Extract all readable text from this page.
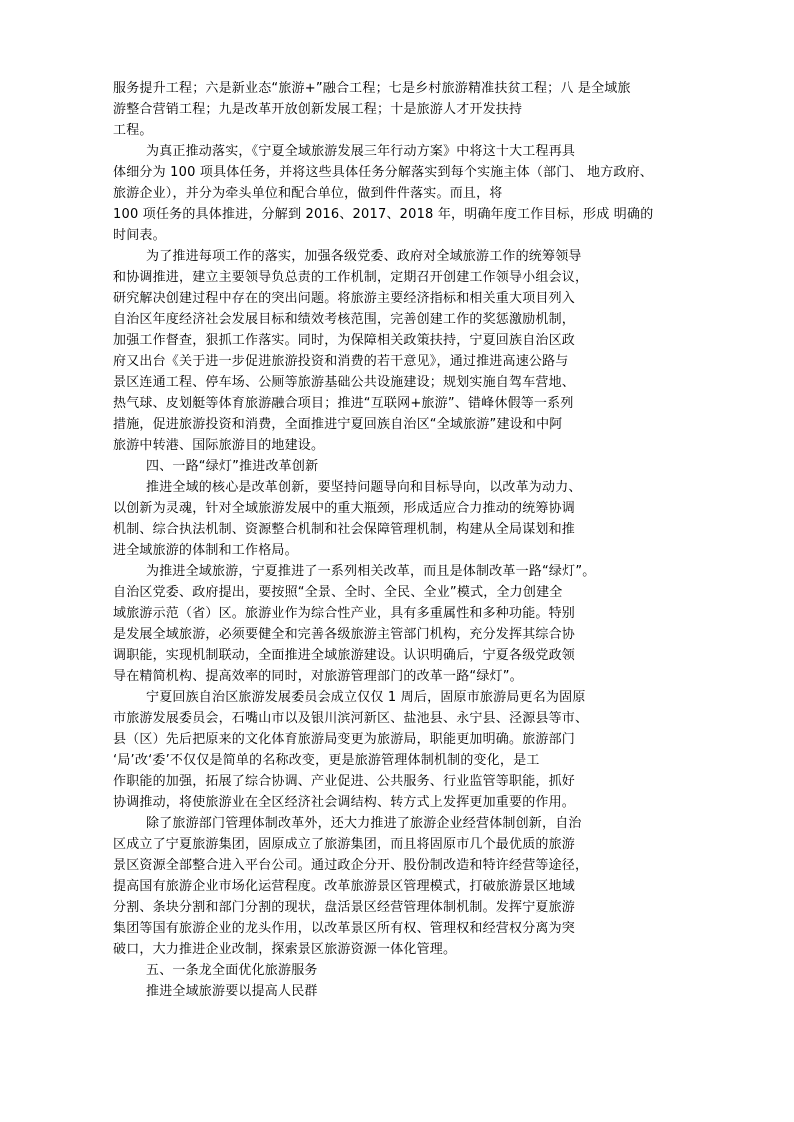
服务提升工程；六是新业态“旅游+”融合工程；七是乡村旅游精准扶贫工程；八 是全域旅
游整合营销工程；九是改革开放创新发展工程；十是旅游人才开发扶持
工程。
为真正推动落实，《宁夏全域旅游发展三年行动方案》中将这十大工程再具
体细分为 100 项具体任务，并将这些具体任务分解落实到每个实施主体（部门、 地方政府、
旅游企业），并分为牵头单位和配合单位，做到件件落实。而且，将
100 项任务的具体推进，分解到 2016、2017、2018 年，明确年度工作目标，形成 明确的
时间表。
为了推进每项工作的落实，加强各级党委、政府对全域旅游工作的统筹领导
和协调推进，建立主要领导负总责的工作机制，定期召开创建工作领导小组会议，
研究解决创建过程中存在的突出问题。将旅游主要经济指标和相关重大项目列入
自治区年度经济社会发展目标和绩效考核范围，完善创建工作的奖惩激励机制，
加强工作督查，狠抓工作落实。同时，为保障相关政策扶持，宁夏回族自治区政
府又出台《关于进一步促进旅游投资和消费的若干意见》，通过推进高速公路与
景区连通工程、停车场、公厕等旅游基础公共设施建设；规划实施自驾车营地、
热气球、皮划艇等体育旅游融合项目；推进“互联网+旅游”、错峰休假等一系列
措施，促进旅游投资和消费，全面推进宁夏回族自治区“全域旅游”建设和中阿
旅游中转港、国际旅游目的地建设。
四、一路“绿灯”推进改革创新
推进全域的核心是改革创新，要坚持问题导向和目标导向，以改革为动力、
以创新为灵魂，针对全域旅游发展中的重大瓶颈，形成适应合力推动的统筹协调
机制、综合执法机制、资源整合机制和社会保障管理机制，构建从全局谋划和推
进全域旅游的体制和工作格局。
为推进全域旅游，宁夏推进了一系列相关改革，而且是体制改革一路“绿灯”。
自治区党委、政府提出，要按照“全景、全时、全民、全业”模式，全力创建全
域旅游示范（省）区。旅游业作为综合性产业，具有多重属性和多种功能。特别
是发展全域旅游，必须要健全和完善各级旅游主管部门机构，充分发挥其综合协
调职能，实现机制联动，全面推进全域旅游建设。认识明确后，宁夏各级党政领
导在精简机构、提高效率的同时，对旅游管理部门的改革一路“绿灯”。
宁夏回族自治区旅游发展委员会成立仅仅 1 周后，固原市旅游局更名为固原
市旅游发展委员会，石嘴山市以及银川滨河新区、盐池县、永宁县、泾源县等市、
县（区）先后把原来的文化体育旅游局变更为旅游局，职能更加明确。旅游部门
‘局’改‘委’不仅仅是简单的名称改变，更是旅游管理体制机制的变化，是工
作职能的加强，拓展了综合协调、产业促进、公共服务、行业监管等职能，抓好
协调推动，将使旅游业在全区经济社会调结构、转方式上发挥更加重要的作用。
除了旅游部门管理体制改革外，还大力推进了旅游企业经营体制创新，自治
区成立了宁夏旅游集团，固原成立了旅游集团，而且将固原市几个最优质的旅游
景区资源全部整合进入平台公司。通过政企分开、股份制改造和特许经营等途径，
提高国有旅游企业市场化运营程度。改革旅游景区管理模式，打破旅游景区地域
分割、条块分割和部门分割的现状，盘活景区经营管理体制机制。发挥宁夏旅游
集团等国有旅游企业的龙头作用，以改革景区所有权、管理权和经营权分离为突
破口，大力推进企业改制，探索景区旅游资源一体化管理。
五、一条龙全面优化旅游服务
推进全域旅游要以提高人民群
